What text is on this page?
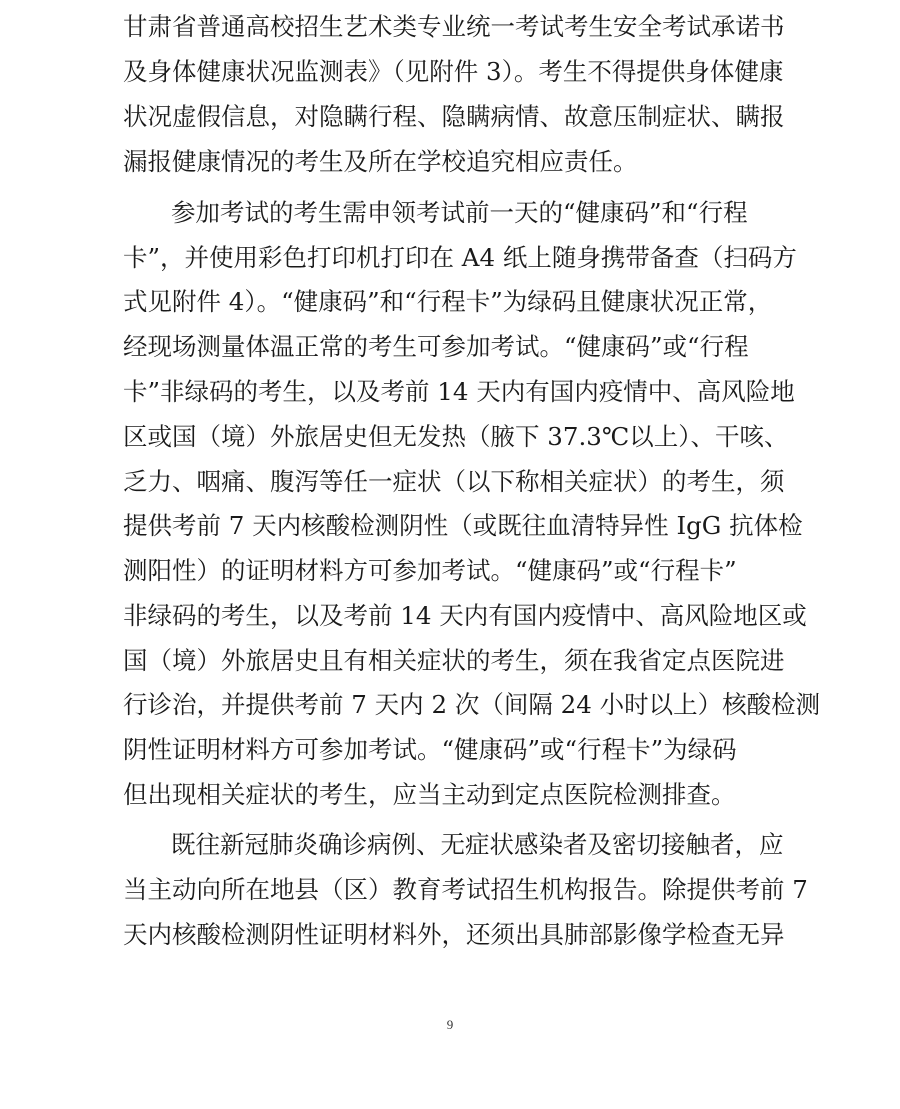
甘肃省普通高校招生艺术类专业统一考试考生安全考试承诺书
及身体健康状况监测表》（见附件 3）。考生不得提供身体健康
状况虚假信息，对隐瞒行程、隐瞒病情、故意压制症状、瞒报
漏报健康情况的考生及所在学校追究相应责任。
参加考试的考生需申领考试前一天的“健康码”和“行程
卡”，并使用彩色打印机打印在 A4 纸上随身携带备查（扫码方
式见附件 4）。“健康码”和“行程卡”为绿码且健康状况正常，
经现场测量体温正常的考生可参加考试。“健康码”或“行程
卡”非绿码的考生，以及考前 14 天内有国内疫情中、高风险地
区或国（境）外旅居史但无发热（腋下 37.3℃以上）、干咳、
乏力、咽痛、腹泻等任一症状（以下称相关症状）的考生，须
提供考前 7 天内核酸检测阴性（或既往血清特异性 IgG 抗体检
测阳性）的证明材料方可参加考试。“健康码”或“行程卡”
非绿码的考生，以及考前 14 天内有国内疫情中、高风险地区或
国（境）外旅居史且有相关症状的考生，须在我省定点医院进
行诊治，并提供考前 7 天内 2 次（间隔 24 小时以上）核酸检测
阴性证明材料方可参加考试。“健康码”或“行程卡”为绿码
但出现相关症状的考生，应当主动到定点医院检测排查。
既往新冠肺炎确诊病例、无症状感染者及密切接触者，应
当主动向所在地县（区）教育考试招生机构报告。除提供考前 7
天内核酸检测阴性证明材料外，还须出具肺部影像学检查无异
9
